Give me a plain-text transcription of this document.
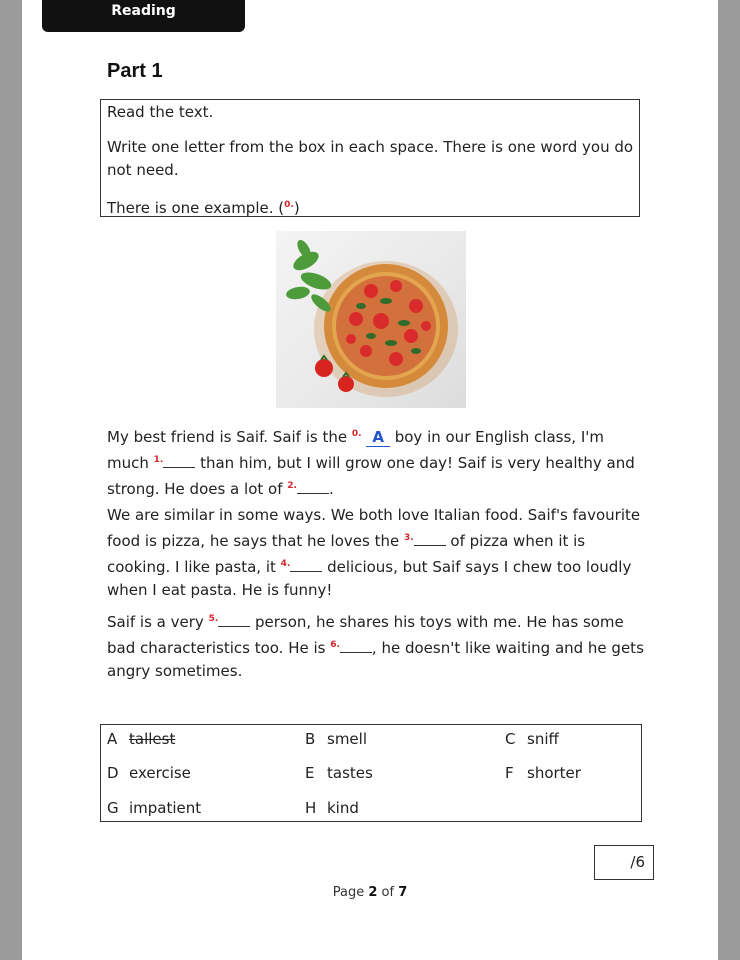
Reading
Part 1

Read the text.

Write one letter from the box in each space. There is one word you do not need.

There is one example. ($^{0.}$)

My best friend is Saif. Saif is the $^{0.}$ A boy in our English class, I'm much $^{1.}$ than him, but I will grow one day! Saif is very healthy and strong. He does a lot of $^{2.}$ .

We are similar in some ways. We both love Italian food. Saif's favourite food is pizza, he says that he loves the $^{3.}$ of pizza when it is cooking. I like pasta, it $^{4.}$ delicious, but Saif says I chew too loudly when I eat pasta. He is funny!

Saif is a very $^{5.}$ person, he shares his toys with me. He has some bad characteristics too. He is $^{6.}$ , he doesn't like waiting and he gets angry sometimes.

A tallest	B smell	C sniff
D exercise	E tastes	F shorter
G impatient	H kind
/6
Page 2 of 7
